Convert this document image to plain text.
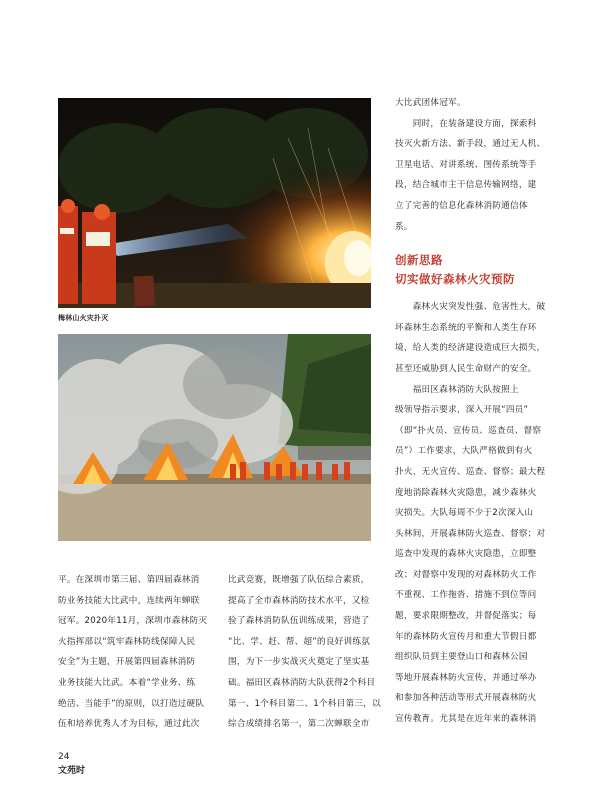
梅林山火灾扑灭
平。在深圳市第三届、第四届森林消
防业务技能大比武中，连续两年蝉联
冠军。2020年11月，深圳市森林防灭
火指挥部以“筑牢森林防线保障人民
安全”为主题，开展第四届森林消防
业务技能大比武。本着“学业务、练
绝活、当能手”的原则，以打造过硬队
伍和培养优秀人才为目标，通过此次
比武竞赛，既增强了队伍综合素质，
提高了全市森林消防技术水平，又检
验了森林消防队伍训练成果，营造了
“比、学、赶、帮、超”的良好训练氛
围，为下一步实战灭火奠定了坚实基
础。福田区森林消防大队获得2个科目
第一、1个科目第二、1个科目第三，以
综合成绩排名第一，第二次蝉联全市
大比武团体冠军。
　　同时，在装备建设方面，探索科
技灭火新方法、新手段，通过无人机、
卫星电话、对讲系统、图传系统等手
段，结合城市主干信息传输网络，建
立了完善的信息化森林消防通信体
系。
创新思路
切实做好森林火灾预防
　　森林火灾突发性强、危害性大，破
坏森林生态系统的平衡和人类生存环
境，给人类的经济建设造成巨大损失，
甚至还威胁到人民生命财产的安全。
　　福田区森林消防大队按照上
级领导指示要求，深入开展“四员”
（即“扑火员、宣传员、巡查员、督察
员”）工作要求，大队严格做到有火
扑火，无火宣传、巡查、督察；最大程
度地消除森林火灾隐患，减少森林火
灾损失。大队每周不少于2次深入山
头林间，开展森林防火巡查、督察；对
巡查中发现的森林火灾隐患，立即整
改；对督察中发现的对森林防火工作
不重视、工作拖沓、措施不到位等问
题，要求限期整改，并督促落实；每
年的森林防火宣传月和重大节假日都
组织队员到主要登山口和森林公园
等地开展森林防火宣传，并通过举办
和参加各种活动等形式开展森林防火
宣传教育。尤其是在近年来的森林消
24
文苑时
